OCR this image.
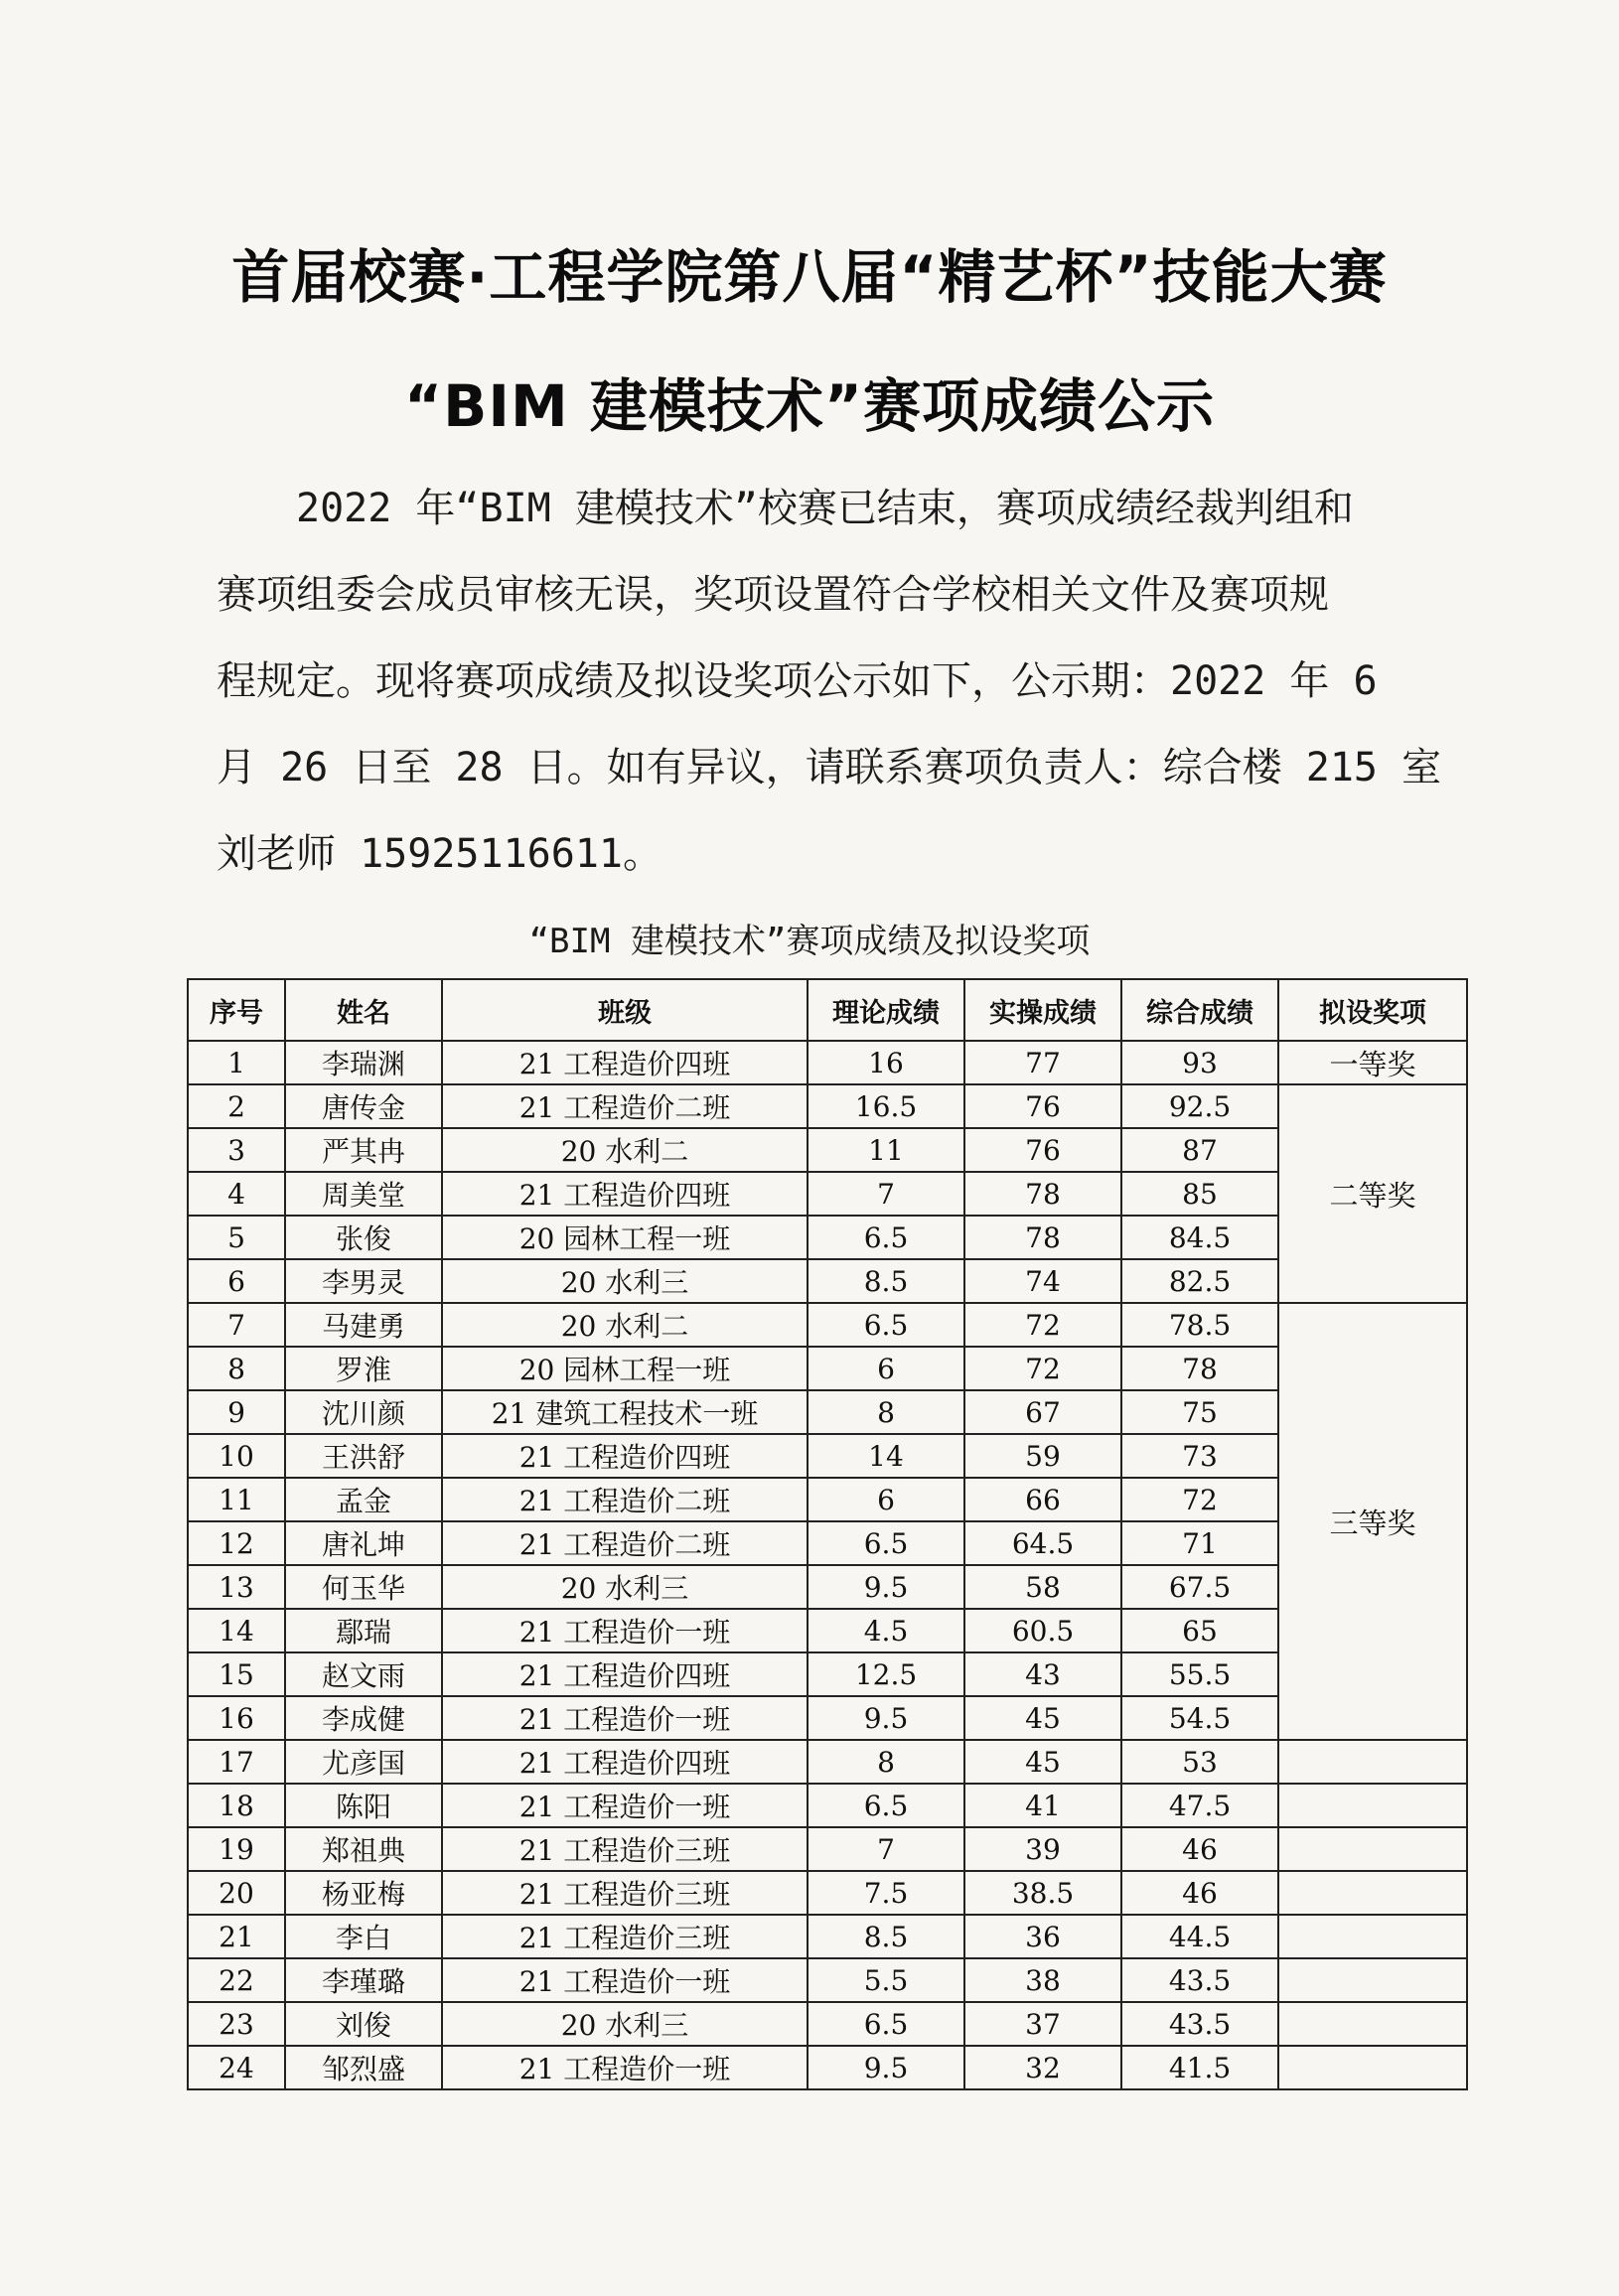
首届校赛·工程学院第八届“精艺杯”技能大赛
“BIM 建模技术”赛项成绩公示
　　2022 年“BIM 建模技术”校赛已结束，赛项成绩经裁判组和
赛项组委会成员审核无误，奖项设置符合学校相关文件及赛项规
程规定。现将赛项成绩及拟设奖项公示如下，公示期：2022 年 6
月 26 日至 28 日。如有异议，请联系赛项负责人：综合楼 215 室
刘老师 15925116611。
“BIM 建模技术”赛项成绩及拟设奖项
序号	姓名	班级	理论成绩	实操成绩	综合成绩	拟设奖项
1	李瑞渊	21 工程造价四班	16	77	93	一等奖
2	唐传金	21 工程造价二班	16.5	76	92.5	二等奖
3	严其冉	20 水利二	11	76	87	
4	周美堂	21 工程造价四班	7	78	85	
5	张俊	20 园林工程一班	6.5	78	84.5	
6	李男灵	20 水利三	8.5	74	82.5	
7	马建勇	20 水利二	6.5	72	78.5	三等奖
8	罗淮	20 园林工程一班	6	72	78	
9	沈川颜	21 建筑工程技术一班	8	67	75	
10	王洪舒	21 工程造价四班	14	59	73	
11	孟金	21 工程造价二班	6	66	72	
12	唐礼坤	21 工程造价二班	6.5	64.5	71	
13	何玉华	20 水利三	9.5	58	67.5	
14	鄢瑞	21 工程造价一班	4.5	60.5	65	
15	赵文雨	21 工程造价四班	12.5	43	55.5	
16	李成健	21 工程造价一班	9.5	45	54.5	
17	尤彦国	21 工程造价四班	8	45	53	
18	陈阳	21 工程造价一班	6.5	41	47.5	
19	郑祖典	21 工程造价三班	7	39	46	
20	杨亚梅	21 工程造价三班	7.5	38.5	46	
21	李白	21 工程造价三班	8.5	36	44.5	
22	李瑾璐	21 工程造价一班	5.5	38	43.5	
23	刘俊	20 水利三	6.5	37	43.5	
24	邹烈盛	21 工程造价一班	9.5	32	41.5	
